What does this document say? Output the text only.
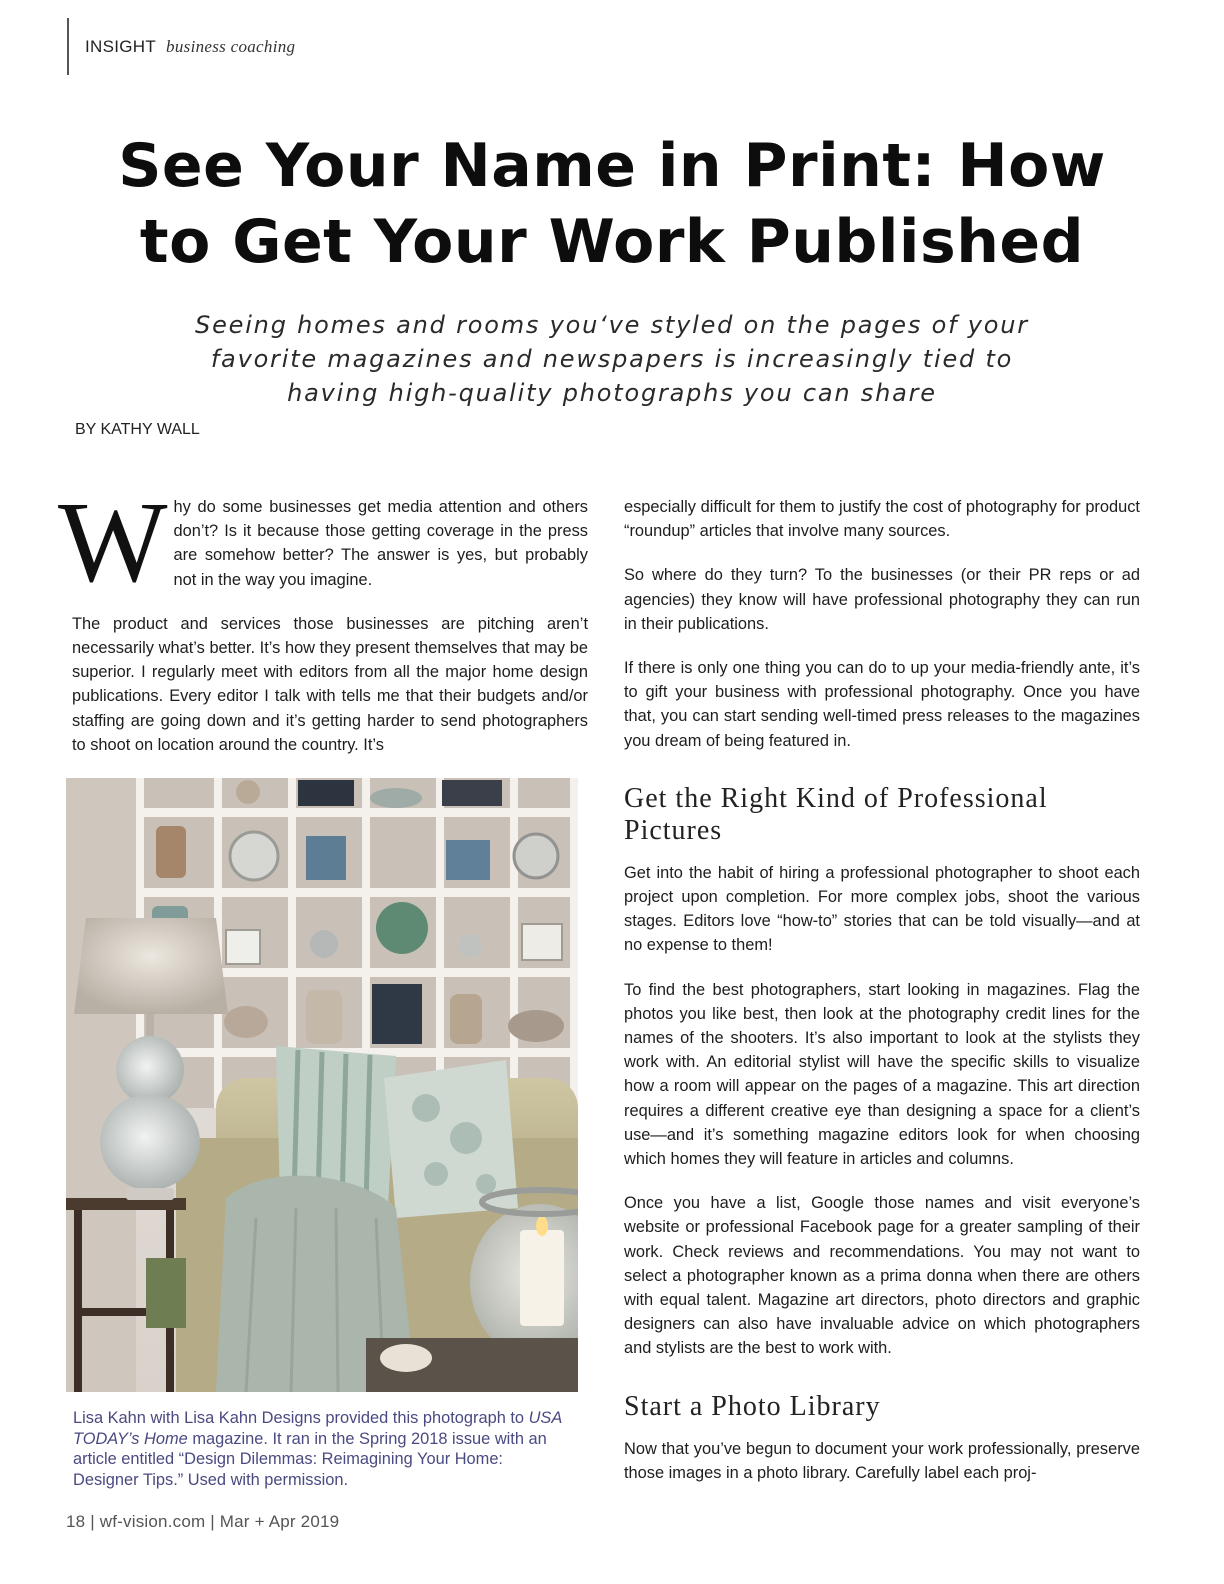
INSIGHT business coaching
See Your Name in Print: How
to Get Your Work Published

Seeing homes and rooms you‘ve styled on the pages of your
favorite magazines and newspapers is increasingly tied to
having high-quality photographs you can share

BY KATHY WALL

W hy do some businesses get media attention and others don’t? Is it because those getting coverage in the press are somehow better? The answer is yes, but probably not in the way you imagine.

The product and services those businesses are pitching aren’t necessarily what’s better. It’s how they present themselves that may be superior. I regularly meet with editors from all the major home design publications. Every editor I talk with tells me that their budgets and/or staffing are going down and it’s getting harder to send photographers to shoot on location around the country. It’s

Lisa Kahn with Lisa Kahn Designs provided this photograph to USA TODAY’s Home magazine. It ran in the Spring 2018 issue with an article entitled “Design Dilemmas: Reimagining Your Home: Designer Tips.” Used with permission.

especially difficult for them to justify the cost of photography for product “roundup” articles that involve many sources.

So where do they turn? To the businesses (or their PR reps or ad agencies) they know will have professional photography they can run in their publications.

If there is only one thing you can do to up your media-friendly ante, it’s to gift your business with professional photography. Once you have that, you can start sending well-timed press releases to the magazines you dream of being featured in.

Get the Right Kind of Professional Pictures

Get into the habit of hiring a professional photographer to shoot each project upon completion. For more complex jobs, shoot the various stages. Editors love “how-to” stories that can be told visually—and at no expense to them!

To find the best photographers, start looking in magazines. Flag the photos you like best, then look at the photography credit lines for the names of the shooters. It’s also important to look at the stylists they work with. An editorial stylist will have the specific skills to visualize how a room will appear on the pages of a magazine. This art direction requires a different creative eye than designing a space for a client’s use—and it’s something magazine editors look for when choosing which homes they will feature in articles and columns.

Once you have a list, Google those names and visit everyone’s website or professional Facebook page for a greater sampling of their work. Check reviews and recommendations. You may not want to select a photographer known as a prima donna when there are others with equal talent. Magazine art directors, photo directors and graphic designers can also have invaluable advice on which photographers and stylists are the best to work with.

Start a Photo Library

Now that you’ve begun to document your work professionally, preserve those images in a photo library. Carefully label each proj-

18 | wf-vision.com | Mar + Apr 2019
